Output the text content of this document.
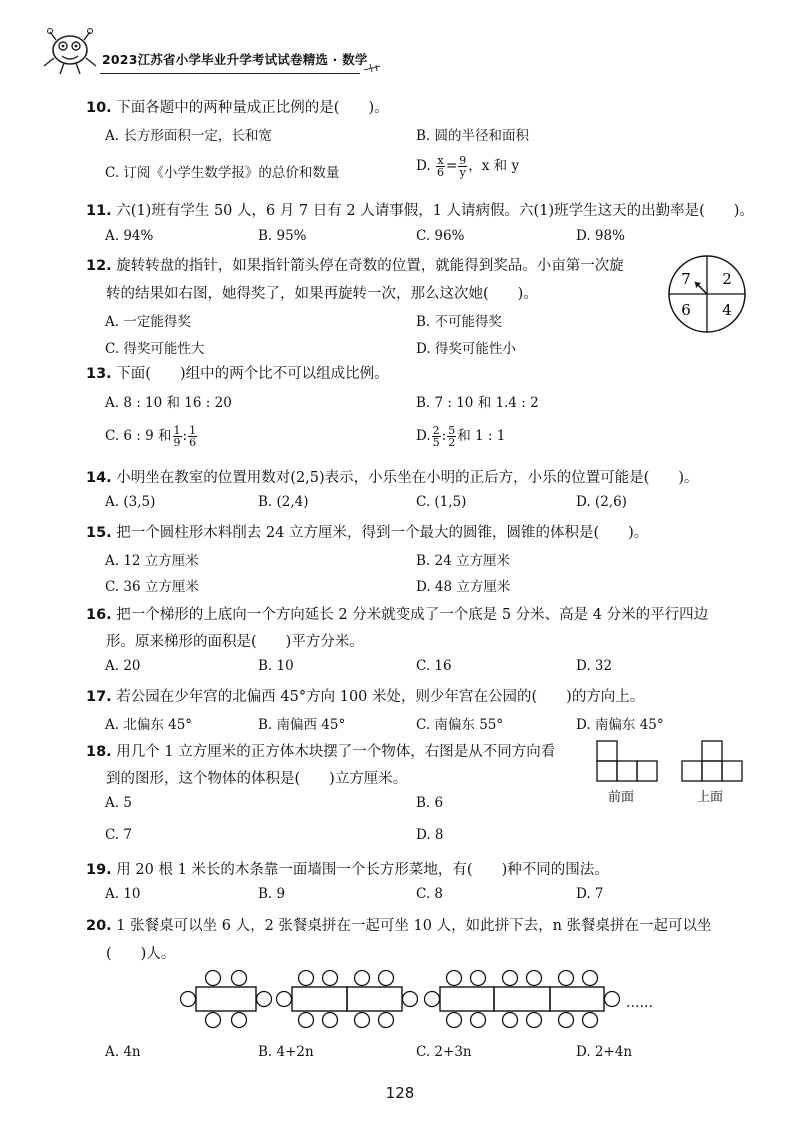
2023江苏省小学毕业升学考试试卷精选 · 数学
10. 下面各题中的两种量成正比例的是(　　)。
A. 长方形面积一定，长和宽	B. 圆的半径和面积
C. 订阅《小学生数学报》的总价和数量	D. $\frac{x}{6} = \frac{9}{y}$ ，x 和 y
11. 六(1)班有学生 50 人，6 月 7 日有 2 人请事假，1 人请病假。六(1)班学生这天的出勤率是(　　)。
A. 94%	B. 95%	C. 96%	D. 98%
12. 旋转转盘的指针，如果指针箭头停在奇数的位置，就能得到奖品。小亩第一次旋
转的结果如右图，她得奖了，如果再旋转一次，那么这次她(　　)。
A. 一定能得奖	B. 不可能得奖
C. 得奖可能性大	D. 得奖可能性小
7 2
6 4
13. 下面(　　)组中的两个比不可以组成比例。
A. 8 : 10 和 16 : 20	B. 7 : 10 和 1.4 : 2
C. 6 : 9 和 $\frac{1}{9}$ : $\frac{1}{6}$	D. $\frac{2}{5}$ : $\frac{5}{2}$ 和 1 : 1
14. 小明坐在教室的位置用数对(2,5)表示，小乐坐在小明的正后方，小乐的位置可能是(　　)。
A. (3,5)	B. (2,4)	C. (1,5)	D. (2,6)
15. 把一个圆柱形木料削去 24 立方厘米，得到一个最大的圆锥，圆锥的体积是(　　)。
A. 12 立方厘米	B. 24 立方厘米
C. 36 立方厘米	D. 48 立方厘米
16. 把一个梯形的上底向一个方向延长 2 分米就变成了一个底是 5 分米、高是 4 分米的平行四边
形。原来梯形的面积是(　　)平方分米。
A. 20	B. 10	C. 16	D. 32
17. 若公园在少年宫的北偏西 45°方向 100 米处，则少年宫在公园的(　　)的方向上。
A. 北偏东 45°	B. 南偏西 45°	C. 南偏东 55°	D. 南偏东 45°
18. 用几个 1 立方厘米的正方体木块摆了一个物体，右图是从不同方向看
到的图形，这个物体的体积是(　　)立方厘米。
A. 5	B. 6
C. 7	D. 8
前面	上面
19. 用 20 根 1 米长的木条靠一面墙围一个长方形菜地，有(　　)种不同的围法。
A. 10	B. 9	C. 8	D. 7
20. 1 张餐桌可以坐 6 人，2 张餐桌拼在一起可坐 10 人，如此拼下去，n 张餐桌拼在一起可以坐
(　　)人。
……
A. 4n	B. 4+2n	C. 2+3n	D. 2+4n
128
